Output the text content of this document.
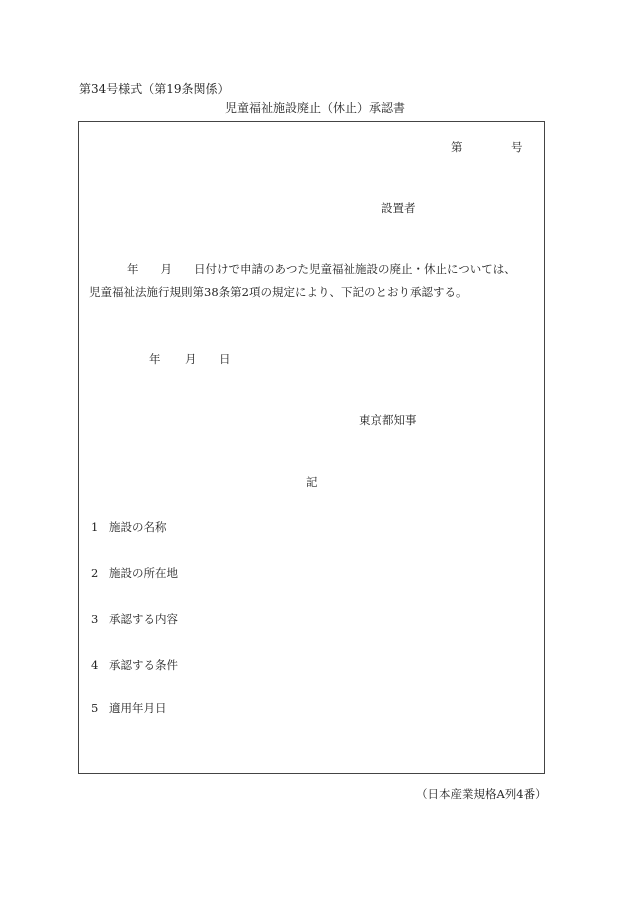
第34号様式（第19条関係）
児童福祉施設廃止（休止）承認書
第	号
設置者
年 月 日付けで申請のあつた児童福祉施設の廃止・休止については、
児童福祉法施行規則第38条第2項の規定により、下記のとおり承認する。
年 月 日
東京都知事
記
1 施設の名称
2 施設の所在地
3 承認する内容
4 承認する条件
5 適用年月日
（日本産業規格A列4番）
